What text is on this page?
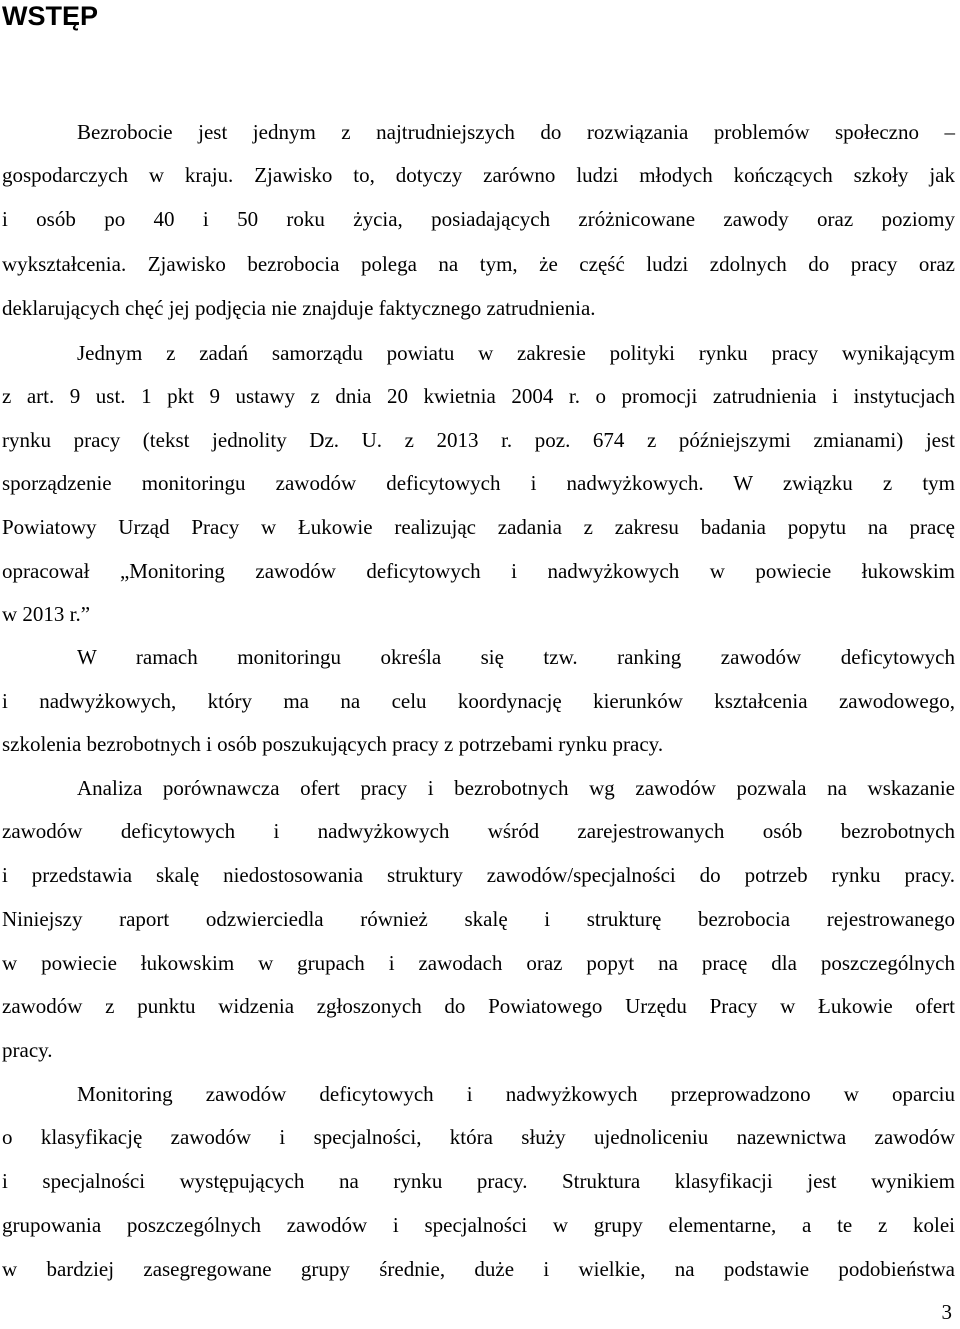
WSTĘP
Bezrobocie jest jednym z najtrudniejszych do rozwiązania problemów społeczno –
gospodarczych w kraju. Zjawisko to, dotyczy zarówno ludzi młodych kończących szkoły jak
i osób po 40 i 50 roku życia, posiadających zróżnicowane zawody oraz poziomy
wykształcenia. Zjawisko bezrobocia polega na tym, że część ludzi zdolnych do pracy oraz
deklarujących chęć jej podjęcia nie znajduje faktycznego zatrudnienia.
Jednym z zadań samorządu powiatu w zakresie polityki rynku pracy wynikającym
z art. 9 ust. 1 pkt 9 ustawy z dnia 20 kwietnia 2004 r. o promocji zatrudnienia i instytucjach
rynku pracy (tekst jednolity Dz. U. z 2013 r. poz. 674 z późniejszymi zmianami) jest
sporządzenie monitoringu zawodów deficytowych i nadwyżkowych. W związku z tym
Powiatowy Urząd Pracy w Łukowie realizując zadania z zakresu badania popytu na pracę
opracował „Monitoring zawodów deficytowych i nadwyżkowych w powiecie łukowskim
w 2013 r.”
W ramach monitoringu określa się tzw. ranking zawodów deficytowych
i nadwyżkowych, który ma na celu koordynację kierunków kształcenia zawodowego,
szkolenia bezrobotnych i osób poszukujących pracy z potrzebami rynku pracy.
Analiza porównawcza ofert pracy i bezrobotnych wg zawodów pozwala na wskazanie
zawodów deficytowych i nadwyżkowych wśród zarejestrowanych osób bezrobotnych
i przedstawia skalę niedostosowania struktury zawodów/specjalności do potrzeb rynku pracy.
Niniejszy raport odzwierciedla również skalę i strukturę bezrobocia rejestrowanego
w powiecie łukowskim w grupach i zawodach oraz popyt na pracę dla poszczególnych
zawodów z punktu widzenia zgłoszonych do Powiatowego Urzędu Pracy w Łukowie ofert
pracy.
Monitoring zawodów deficytowych i nadwyżkowych przeprowadzono w oparciu
o klasyfikację zawodów i specjalności, która służy ujednoliceniu nazewnictwa zawodów
i specjalności występujących na rynku pracy. Struktura klasyfikacji jest wynikiem
grupowania poszczególnych zawodów i specjalności w grupy elementarne, a te z kolei
w bardziej zasegregowane grupy średnie, duże i wielkie, na podstawie podobieństwa
3
